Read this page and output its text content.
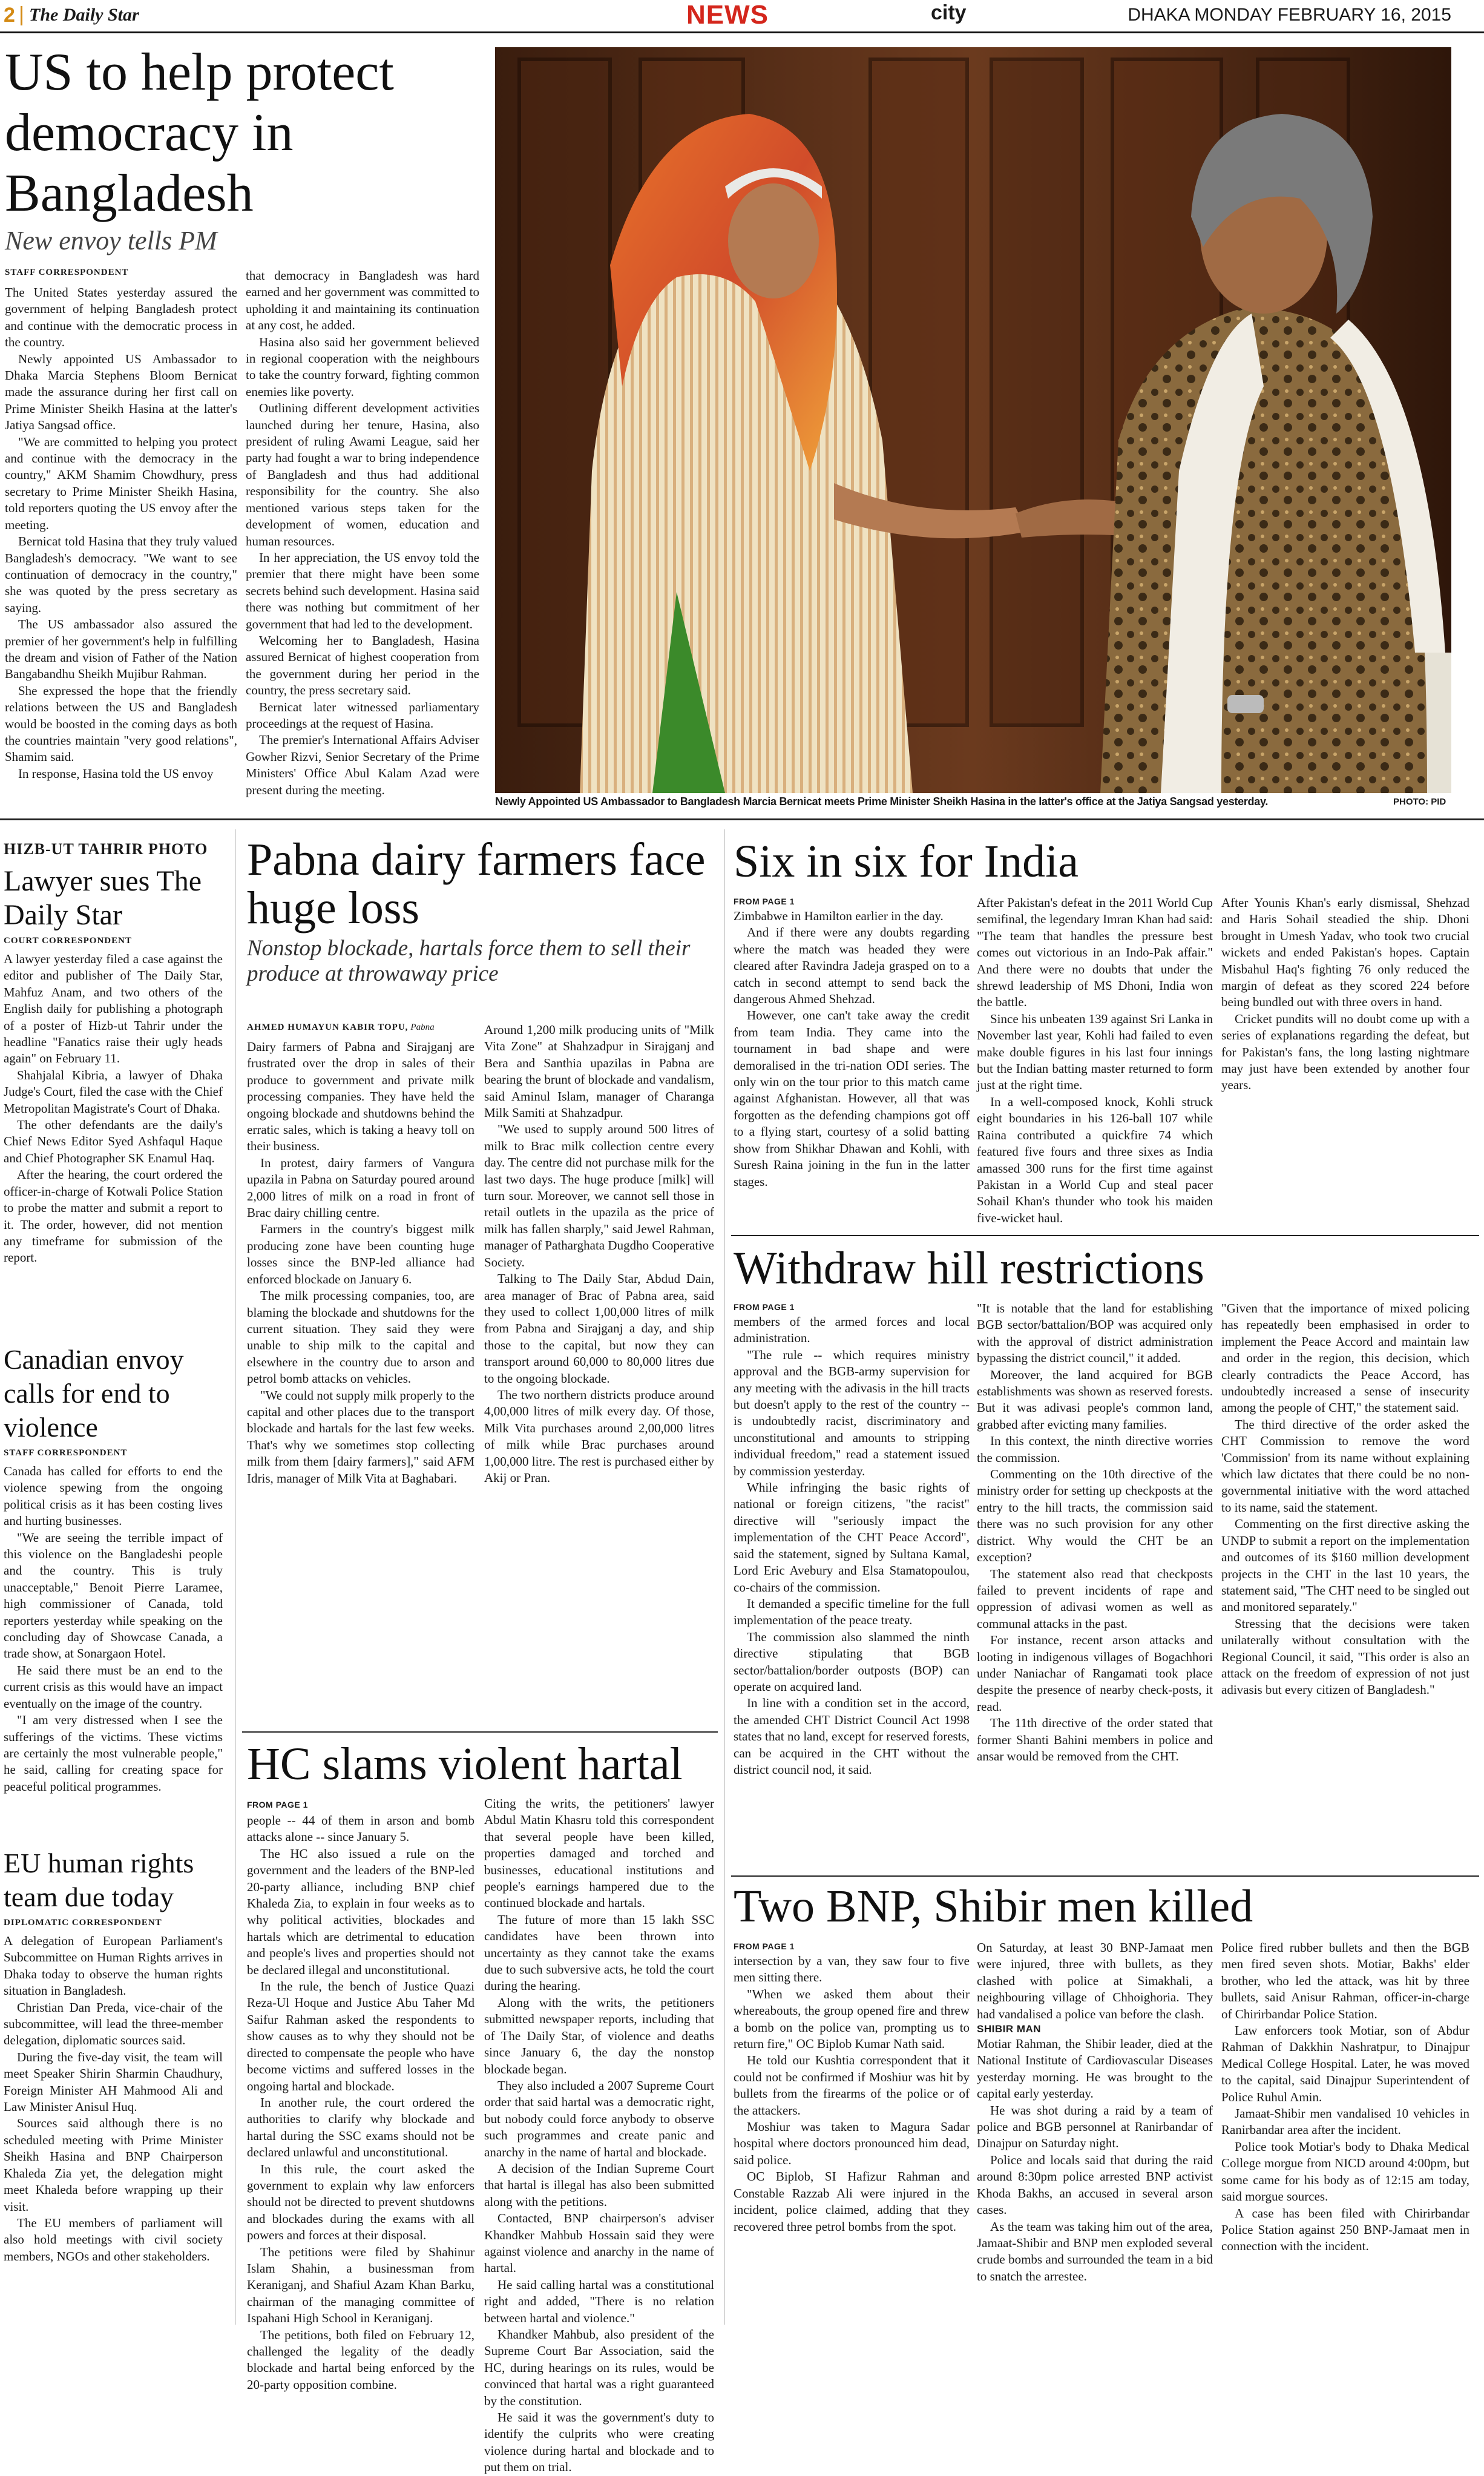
2 The Daily Star	NEWS	city	DHAKA MONDAY FEBRUARY 16, 2015
US to help protect democracy in Bangladesh
New envoy tells PM
STAFF CORRESPONDENT

The United States yesterday assured the government of helping Bangladesh protect and continue with the democratic process in the country.

Newly appointed US Ambassador to Dhaka Marcia Stephens Bloom Bernicat made the assurance during her first call on Prime Minister Sheikh Hasina at the latter's Jatiya Sangsad office.

"We are committed to helping you protect and continue with the democracy in the country," AKM Shamim Chowdhury, press secretary to Prime Minister Sheikh Hasina, told reporters quoting the US envoy after the meeting.

Bernicat told Hasina that they truly valued Bangladesh's democracy. "We want to see continuation of democracy in the country," she was quoted by the press secretary as saying.

The US ambassador also assured the premier of her government's help in fulfilling the dream and vision of Father of the Nation Bangabandhu Sheikh Mujibur Rahman.

She expressed the hope that the friendly relations between the US and Bangladesh would be boosted in the coming days as both the countries maintain "very good relations", Shamim said.

In response, Hasina told the US envoy

that democracy in Bangladesh was hard earned and her government was committed to upholding it and maintaining its continuation at any cost, he added.

Hasina also said her government believed in regional cooperation with the neighbours to take the country forward, fighting common enemies like poverty.

Outlining different development activities launched during her tenure, Hasina, also president of ruling Awami League, said her party had fought a war to bring independence of Bangladesh and thus had additional responsibility for the country. She also mentioned various steps taken for the development of women, education and human resources.

In her appreciation, the US envoy told the premier that there might have been some secrets behind such development. Hasina said there was nothing but commitment of her government that had led to the development.

Welcoming her to Bangladesh, Hasina assured Bernicat of highest cooperation from the government during her period in the country, the press secretary said.

Bernicat later witnessed parliamentary proceedings at the request of Hasina.

The premier's International Affairs Adviser Gowher Rizvi, Senior Secretary of the Prime Ministers' Office Abul Kalam Azad were present during the meeting.

Newly Appointed US Ambassador to Bangladesh Marcia Bernicat meets Prime Minister Sheikh Hasina in the latter's office at the Jatiya Sangsad yesterday.	PHOTO: PID
HIZB-UT TAHRIR PHOTO
Lawyer sues The Daily Star
COURT CORRESPONDENT

A lawyer yesterday filed a case against the editor and publisher of The Daily Star, Mahfuz Anam, and two others of the English daily for publishing a photograph of a poster of Hizb-ut Tahrir under the headline "Fanatics raise their ugly heads again" on February 11.

Shahjalal Kibria, a lawyer of Dhaka Judge's Court, filed the case with the Chief Metropolitan Magistrate's Court of Dhaka.

The other defendants are the daily's Chief News Editor Syed Ashfaqul Haque and Chief Photographer SK Enamul Haq.

After the hearing, the court ordered the officer-in-charge of Kotwali Police Station to probe the matter and submit a report to it. The order, however, did not mention any timeframe for submission of the report.

Canadian envoy calls for end to violence
STAFF CORRESPONDENT

Canada has called for efforts to end the violence spewing from the ongoing political crisis as it has been costing lives and hurting businesses.

"We are seeing the terrible impact of this violence on the Bangladeshi people and the country. This is truly unacceptable," Benoit Pierre Laramee, high commissioner of Canada, told reporters yesterday while speaking on the concluding day of Showcase Canada, a trade show, at Sonargaon Hotel.

He said there must be an end to the current crisis as this would have an impact eventually on the image of the country.

"I am very distressed when I see the sufferings of the victims. These victims are certainly the most vulnerable people," he said, calling for creating space for peaceful political programmes.

EU human rights team due today
DIPLOMATIC CORRESPONDENT

A delegation of European Parliament's Subcommittee on Human Rights arrives in Dhaka today to observe the human rights situation in Bangladesh.

Christian Dan Preda, vice-chair of the subcommittee, will lead the three-member delegation, diplomatic sources said.

During the five-day visit, the team will meet Speaker Shirin Sharmin Chaudhury, Foreign Minister AH Mahmood Ali and Law Minister Anisul Huq.

Sources said although there is no scheduled meeting with Prime Minister Sheikh Hasina and BNP Chairperson Khaleda Zia yet, the delegation might meet Khaleda before wrapping up their visit.

The EU members of parliament will also hold meetings with civil society members, NGOs and other stakeholders.

Pabna dairy farmers face huge loss
Nonstop blockade, hartals force them to sell their produce at throwaway price
AHMED HUMAYUN KABIR TOPU, Pabna

Dairy farmers of Pabna and Sirajganj are frustrated over the drop in sales of their produce to government and private milk processing companies. They have held the ongoing blockade and shutdowns behind the erratic sales, which is taking a heavy toll on their business.

In protest, dairy farmers of Vangura upazila in Pabna on Saturday poured around 2,000 litres of milk on a road in front of Brac dairy chilling centre.

Farmers in the country's biggest milk producing zone have been counting huge losses since the BNP-led alliance had enforced blockade on January 6.

The milk processing companies, too, are blaming the blockade and shutdowns for the current situation. They said they were unable to ship milk to the capital and elsewhere in the country due to arson and petrol bomb attacks on vehicles.

"We could not supply milk properly to the capital and other places due to the transport blockade and hartals for the last few weeks. That's why we sometimes stop collecting milk from them [dairy farmers]," said AFM Idris, manager of Milk Vita at Baghabari.

Around 1,200 milk producing units of "Milk Vita Zone" at Shahzadpur in Sirajganj and Bera and Santhia upazilas in Pabna are bearing the brunt of blockade and vandalism, said Aminul Islam, manager of Charanga Milk Samiti at Shahzadpur.

"We used to supply around 500 litres of milk to Brac milk collection centre every day. The centre did not purchase milk for the last two days. The huge produce [milk] will turn sour. Moreover, we cannot sell those in retail outlets in the upazila as the price of milk has fallen sharply," said Jewel Rahman, manager of Patharghata Dugdho Cooperative Society.

Talking to The Daily Star, Abdud Dain, area manager of Brac of Pabna area, said they used to collect 1,00,000 litres of milk from Pabna and Sirajganj a day, and ship those to the capital, but now they can transport around 60,000 to 80,000 litres due to the ongoing blockade.

The two northern districts produce around 4,00,000 litres of milk every day. Of those, Milk Vita purchases around 2,00,000 litres of milk while Brac purchases around 1,00,000 litre. The rest is purchased either by Akij or Pran.

HC slams violent hartal
FROM PAGE 1

people -- 44 of them in arson and bomb attacks alone -- since January 5.

The HC also issued a rule on the government and the leaders of the BNP-led 20-party alliance, including BNP chief Khaleda Zia, to explain in four weeks as to why political activities, blockades and hartals which are detrimental to education and people's lives and properties should not be declared illegal and unconstitutional.

In the rule, the bench of Justice Quazi Reza-Ul Hoque and Justice Abu Taher Md Saifur Rahman asked the respondents to show causes as to why they should not be directed to compensate the people who have become victims and suffered losses in the ongoing hartal and blockade.

In another rule, the court ordered the authorities to clarify why blockade and hartal during the SSC exams should not be declared unlawful and unconstitutional.

In this rule, the court asked the government to explain why law enforcers should not be directed to prevent shutdowns and blockades during the exams with all powers and forces at their disposal.

The petitions were filed by Shahinur Islam Shahin, a businessman from Keraniganj, and Shafiul Azam Khan Barku, chairman of the managing committee of Ispahani High School in Keraniganj.

The petitions, both filed on February 12, challenged the legality of the deadly blockade and hartal being enforced by the 20-party opposition combine.

Citing the writs, the petitioners' lawyer Abdul Matin Khasru told this correspondent that several people have been killed, properties damaged and torched and businesses, educational institutions and people's earnings hampered due to the continued blockade and hartals.

The future of more than 15 lakh SSC candidates have been thrown into uncertainty as they cannot take the exams due to such subversive acts, he told the court during the hearing.

Along with the writs, the petitioners submitted newspaper reports, including that of The Daily Star, of violence and deaths since January 6, the day the nonstop blockade began.

They also included a 2007 Supreme Court order that said hartal was a democratic right, but nobody could force anybody to observe such programmes and create panic and anarchy in the name of hartal and blockade.

A decision of the Indian Supreme Court that hartal is illegal has also been submitted along with the petitions.

Contacted, BNP chairperson's adviser Khandker Mahbub Hossain said they were against violence and anarchy in the name of hartal.

He said calling hartal was a constitutional right and added, "There is no relation between hartal and violence."

Khandker Mahbub, also president of the Supreme Court Bar Association, said the HC, during hearings on its rules, would be convinced that hartal was a right guaranteed by the constitution.

He said it was the government's duty to identify the culprits who were creating violence during hartal and blockade and to put them on trial.

Six in six for India
FROM PAGE 1

Zimbabwe in Hamilton earlier in the day.

And if there were any doubts regarding where the match was headed they were cleared after Ravindra Jadeja grasped on to a catch in second attempt to send back the dangerous Ahmed Shehzad.

However, one can't take away the credit from team India. They came into the tournament in bad shape and were demoralised in the tri-nation ODI series. The only win on the tour prior to this match came against Afghanistan. However, all that was forgotten as the defending champions got off to a flying start, courtesy of a solid batting show from Shikhar Dhawan and Kohli, with Suresh Raina joining in the fun in the latter stages.

After Pakistan's defeat in the 2011 World Cup semifinal, the legendary Imran Khan had said: "The team that handles the pressure best comes out victorious in an Indo-Pak affair." And there were no doubts that under the shrewd leadership of MS Dhoni, India won the battle.

Since his unbeaten 139 against Sri Lanka in November last year, Kohli had failed to even make double figures in his last four innings but the Indian batting master returned to form just at the right time.

In a well-composed knock, Kohli struck eight boundaries in his 126-ball 107 while Raina contributed a quickfire 74 which featured five fours and three sixes as India amassed 300 runs for the first time against Pakistan in a World Cup and steal pacer Sohail Khan's thunder who took his maiden five-wicket haul.

After Younis Khan's early dismissal, Shehzad and Haris Sohail steadied the ship. Dhoni brought in Umesh Yadav, who took two crucial wickets and ended Pakistan's hopes. Captain Misbahul Haq's fighting 76 only reduced the margin of defeat as they scored 224 before being bundled out with three overs in hand.

Cricket pundits will no doubt come up with a series of explanations regarding the defeat, but for Pakistan's fans, the long lasting nightmare may just have been extended by another four years.

Withdraw hill restrictions
FROM PAGE 1

members of the armed forces and local administration.

"The rule -- which requires ministry approval and the BGB-army supervision for any meeting with the adivasis in the hill tracts but doesn't apply to the rest of the country -- is undoubtedly racist, discriminatory and unconstitutional and amounts to stripping individual freedom," read a statement issued by commission yesterday.

While infringing the basic rights of national or foreign citizens, "the racist" directive will "seriously impact the implementation of the CHT Peace Accord", said the statement, signed by Sultana Kamal, Lord Eric Avebury and Elsa Stamatopoulou, co-chairs of the commission.

It demanded a specific timeline for the full implementation of the peace treaty.

The commission also slammed the ninth directive stipulating that BGB sector/battalion/border outposts (BOP) can operate on acquired land.

In line with a condition set in the accord, the amended CHT District Council Act 1998 states that no land, except for reserved forests, can be acquired in the CHT without the district council nod, it said.

"It is notable that the land for establishing BGB sector/battalion/BOP was acquired only with the approval of district administration bypassing the district council," it added.

Moreover, the land acquired for BGB establishments was shown as reserved forests. But it was adivasi people's common land, grabbed after evicting many families.

In this context, the ninth directive worries the commission.

Commenting on the 10th directive of the ministry order for setting up checkposts at the entry to the hill tracts, the commission said there was no such provision for any other district. Why would the CHT be an exception?

The statement also read that checkposts failed to prevent incidents of rape and oppression of adivasi women as well as communal attacks in the past.

For instance, recent arson attacks and looting in indigenous villages of Bogachhori under Naniachar of Rangamati took place despite the presence of nearby check-posts, it read.

The 11th directive of the order stated that former Shanti Bahini members in police and ansar would be removed from the CHT.

"Given that the importance of mixed policing has repeatedly been emphasised in order to implement the Peace Accord and maintain law and order in the region, this decision, which clearly contradicts the Peace Accord, has undoubtedly increased a sense of insecurity among the people of CHT," the statement said.

The third directive of the order asked the CHT Commission to remove the word 'Commission' from its name without explaining which law dictates that there could be no non-governmental initiative with the word attached to its name, said the statement.

Commenting on the first directive asking the UNDP to submit a report on the implementation and outcomes of its $160 million development projects in the CHT in the last 10 years, the statement said, "The CHT need to be singled out and monitored separately."

Stressing that the decisions were taken unilaterally without consultation with the Regional Council, it said, "This order is also an attack on the freedom of expression of not just adivasis but every citizen of Bangladesh."

Two BNP, Shibir men killed
FROM PAGE 1

intersection by a van, they saw four to five men sitting there.

"When we asked them about their whereabouts, the group opened fire and threw a bomb on the police van, prompting us to return fire," OC Biplob Kumar Nath said.

He told our Kushtia correspondent that it could not be confirmed if Moshiur was hit by bullets from the firearms of the police or of the attackers.

Moshiur was taken to Magura Sadar hospital where doctors pronounced him dead, said police.

OC Biplob, SI Hafizur Rahman and Constable Razzab Ali were injured in the incident, police claimed, adding that they recovered three petrol bombs from the spot.

On Saturday, at least 30 BNP-Jamaat men were injured, three with bullets, as they clashed with police at Simakhali, a neighbouring village of Chhoighoria. They had vandalised a police van before the clash.

SHIBIR MAN

Motiar Rahman, the Shibir leader, died at the National Institute of Cardiovascular Diseases yesterday morning. He was brought to the capital early yesterday.

He was shot during a raid by a team of police and BGB personnel at Ranirbandar of Dinajpur on Saturday night.

Police and locals said that during the raid around 8:30pm police arrested BNP activist Khoda Bakhs, an accused in several arson cases.

As the team was taking him out of the area, Jamaat-Shibir and BNP men exploded several crude bombs and surrounded the team in a bid to snatch the arrestee.

Police fired rubber bullets and then the BGB men fired seven shots. Motiar, Bakhs' elder brother, who led the attack, was hit by three bullets, said Anisur Rahman, officer-in-charge of Chirirbandar Police Station.

Law enforcers took Motiar, son of Abdur Rahman of Dakkhin Nashratpur, to Dinajpur Medical College Hospital. Later, he was moved to the capital, said Dinajpur Superintendent of Police Ruhul Amin.

Jamaat-Shibir men vandalised 10 vehicles in Ranirbandar area after the incident.

Police took Motiar's body to Dhaka Medical College morgue from NICD around 4:00pm, but some came for his body as of 12:15 am today, said morgue sources.

A case has been filed with Chirirbandar Police Station against 250 BNP-Jamaat men in connection with the incident.
